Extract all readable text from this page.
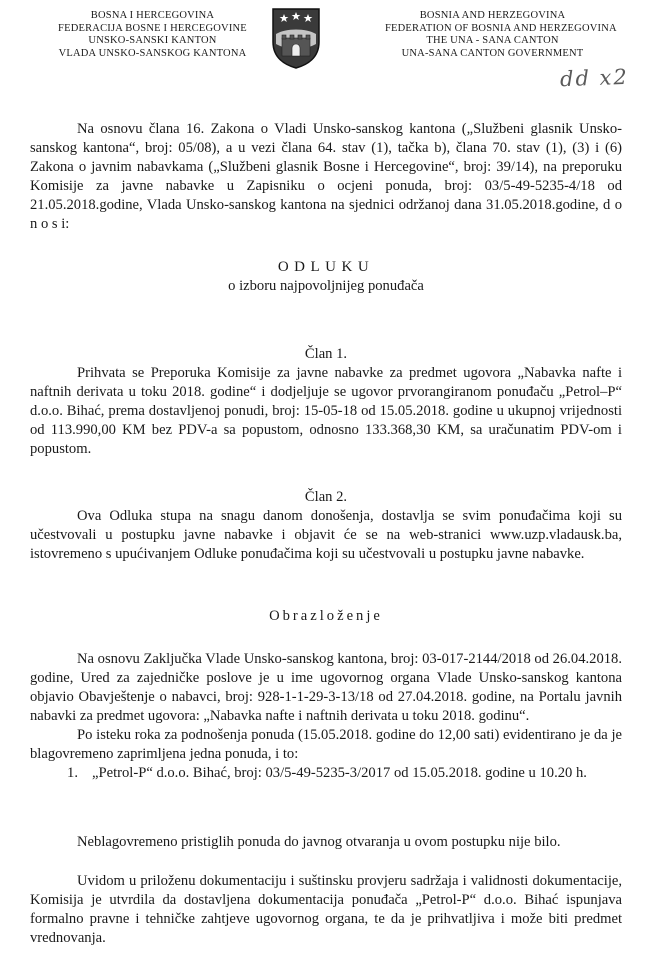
BOSNA I HERCEGOVINA
FEDERACIJA BOSNE I HERCEGOVINE
UNSKO-SANSKI KANTON
VLADA UNSKO-SANSKOG KANTONA
BOSNIA AND HERZEGOVINA
FEDERATION OF BOSNIA AND HERZEGOVINA
THE UNA - SANA CANTON
UNA-SANA CANTON GOVERNMENT
dd x2

Na osnovu člana 16. Zakona o Vladi Unsko-sanskog kantona („Službeni glasnik Unsko-sanskog kantona“, broj: 05/08), a u vezi člana 64. stav (1), tačka b), člana 70. stav (1), (3) i (6) Zakona o javnim nabavkama („Službeni glasnik Bosne i Hercegovine“, broj: 39/14), na preporuku Komisije za javne nabavke u Zapisniku o ocjeni ponuda, broj: 03/5-49-5235-4/18 od 21.05.2018.godine, Vlada Unsko-sanskog kantona na sjednici održanoj dana 31.05.2018.godine, d o n o s i:

ODLUKU

o izboru najpovoljnijeg ponuđača

Član 1.

Prihvata se Preporuka Komisije za javne nabavke za predmet ugovora „Nabavka nafte i naftnih derivata u toku 2018. godine“ i dodjeljuje se ugovor prvorangiranom ponuđaču „Petrol–P“ d.o.o. Bihać, prema dostavljenoj ponudi, broj: 15-05-18 od 15.05.2018. godine u ukupnoj vrijednosti od 113.990,00 KM bez PDV-a sa popustom, odnosno 133.368,30 KM, sa uračunatim PDV-om i popustom.

Član 2.

Ova Odluka stupa na snagu danom donošenja, dostavlja se svim ponuđačima koji su učestvovali u postupku javne nabavke i objavit će se na web-stranici www.uzp.vladausk.ba, istovremeno s upućivanjem Odluke ponuđačima koji su učestvovali u postupku javne nabavke.

Obrazloženje

Na osnovu Zaključka Vlade Unsko-sanskog kantona, broj: 03-017-2144/2018 od 26.04.2018. godine, Ured za zajedničke poslove je u ime ugovornog organa Vlade Unsko-sanskog kantona objavio Obavještenje o nabavci, broj: 928-1-1-29-3-13/18 od 27.04.2018. godine, na Portalu javnih nabavki za predmet ugovora: „Nabavka nafte i naftnih derivata u toku 2018. godinu“.

Po isteku roka za podnošenja ponuda (15.05.2018. godine do 12,00 sati) evidentirano je da je blagovremeno zaprimljena jedna ponuda, i to:

1. „Petrol-P“ d.o.o. Bihać, broj: 03/5-49-5235-3/2017 od 15.05.2018. godine u 10.20 h.

Neblagovremeno pristiglih ponuda do javnog otvaranja u ovom postupku nije bilo.

Uvidom u priloženu dokumentaciju i suštinsku provjeru sadržaja i validnosti dokumentacije, Komisija je utvrdila da dostavljena dokumentacija ponuđača „Petrol-P“ d.o.o. Bihać ispunjava formalno pravne i tehničke zahtjeve ugovornog organa, te da je prihvatljiva i može biti predmet vrednovanja.
